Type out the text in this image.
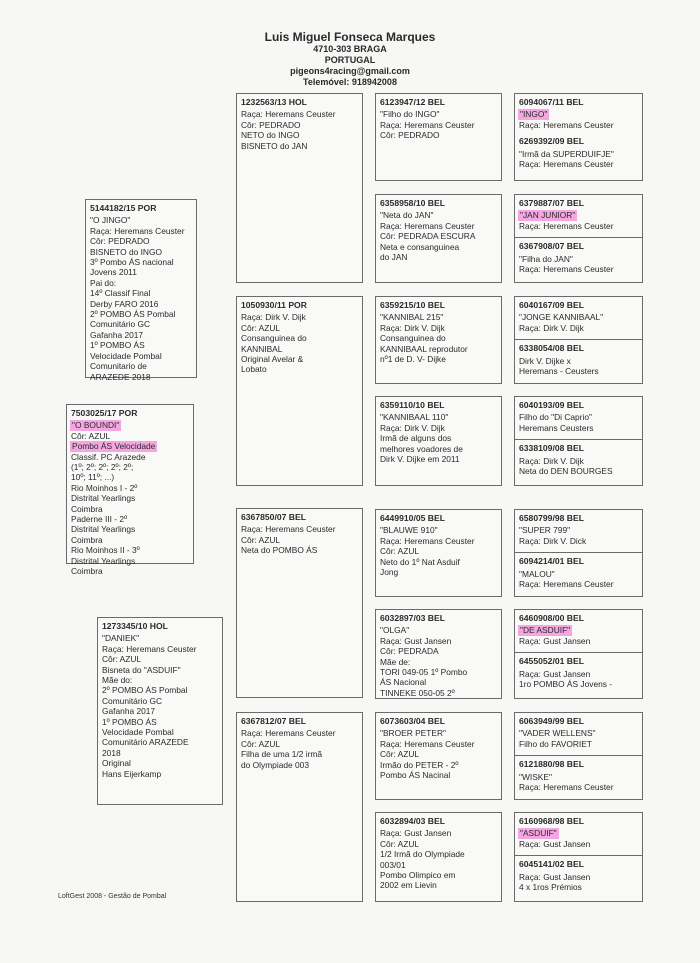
Luis Miguel Fonseca Marques
4710-303 BRAGA
PORTUGAL
pigeons4racing@gmail.com
Telemóvel: 918942008
7503025/17 POR
"O BOUNDI"
Côr: AZUL
Pombo ÁS Velocidade
Classif. PC Arazede
(1º; 2º; 2º; 2º; 2º;
10º; 11º; ...)
Rio Moinhos I - 2º
Distrital Yearlings
Coimbra
Paderne III - 2º
Distrital Yearlings
Coimbra
Rio Moinhos II - 3º
Distrital Yearlings
Coimbra
5144182/15 POR
"O JINGO"
Raça: Heremans Ceuster
Côr: PEDRADO
BISNETO do INGO
3º Pombo ÁS nacional
Jovens 2011
Pai do:
14º Classif Final
Derby FARO 2016
2º POMBO ÁS Pombal
Comunitário GC
Gafanha 2017
1º POMBO ÁS
Velocidade Pombal
Comunitario de
ARAZEDE 2018
1273345/10 HOL
"DANIEK"
Raça: Heremans Ceuster
Côr: AZUL
Bisneta do "ASDUIF"
Mãe do:
2º POMBO ÁS Pombal
Comunitário GC
Gafanha 2017
1º POMBO ÁS
Velocidade Pombal
Comunitário ARAZEDE
2018
Original
Hans Eijerkamp
1232563/13 HOL
Raça: Heremans Ceuster
Côr: PEDRADO
NETO do INGO
BISNETO do JAN
1050930/11 POR
Raça: Dirk V. Dijk
Côr: AZUL
Consanguinea do
KANNIBAL
Original Avelar &
Lobato
6367850/07 BEL
Raça: Heremans Ceuster
Côr: AZUL
Neta do POMBO ÁS
6367812/07 BEL
Raça: Heremans Ceuster
Côr: AZUL
Filha de uma 1/2 irmã
do Olympiade 003
6123947/12 BEL
"Filho do INGO"
Raça: Heremans Ceuster
Côr: PEDRADO
6358958/10 BEL
"Neta do JAN"
Raça: Heremans Ceuster
Côr: PEDRADA ESCURA
Neta e consanguinea
do JAN
6359215/10 BEL
"KANNIBAL 215"
Raça: Dirk V. Dijk
Consanguinea do
KANNIBAAL reprodutor
nº1 de D. V- Dijke
6359110/10 BEL
"KANNIBAAL 110"
Raça: Dirk V. Dijk
Irmã de alguns dos
melhores voadores de
Dirk V. Dijke em 2011
6449910/05 BEL
"BLAUWE 910"
Raça: Heremans Ceuster
Côr: AZUL
Neto do 1º Nat Asduif
Jong
6032897/03 BEL
"OLGA"
Raça: Gust Jansen
Côr: PEDRADA
Mãe de:
TORI 049-05 1º Pombo
ÁS Nacional
TINNEKE 050-05 2º
6073603/04 BEL
"BROER PETER"
Raça: Heremans Ceuster
Côr: AZUL
Irmão do PETER - 2º
Pombo ÁS Nacinal
6032894/03 BEL
Raça: Gust Jansen
Côr: AZUL
1/2 Irmã do Olympiade
003/01
Pombo Olimpico em
2002 em Lievin
6094067/11 BEL
"INGO"
Raça: Heremans Ceuster
6269392/09 BEL
"Irmã da SUPERDUIFJE"
Raça: Heremans Ceuster
6379887/07 BEL
"JAN JUNIOR"
Raça: Heremans Ceuster
6367908/07 BEL
"Filha do JAN"
Raça: Heremans Ceuster
6040167/09 BEL
"JONGE KANNIBAAL"
Raça: Dirk V. Dijk
6338054/08 BEL
Dirk V. Dijke x
Heremans - Ceusters
6040193/09 BEL
Filho do "Di Caprio"
Heremans Ceusters
6338109/08 BEL
Raça: Dirk V. Dijk
Neta do DEN BOURGES
6580799/98 BEL
"SUPER 799"
Raça: Dirk V. Dick
6094214/01 BEL
"MALOU"
Raça: Heremans Ceuster
6460908/00 BEL
"DE ASDUIF"
Raça: Gust Jansen
6455052/01 BEL
Raça: Gust Jansen
1ro POMBO ÁS Jovens -
6063949/99 BEL
"VADER WELLENS"
Filho do FAVORIET
6121880/98 BEL
"WISKE"
Raça: Heremans Ceuster
6160968/98 BEL
"ASDUIF"
Raça: Gust Jansen
6045141/02 BEL
Raça: Gust Jansen
4 x 1ros Prémios
LoftGest 2008 - Gestão de Pombal
